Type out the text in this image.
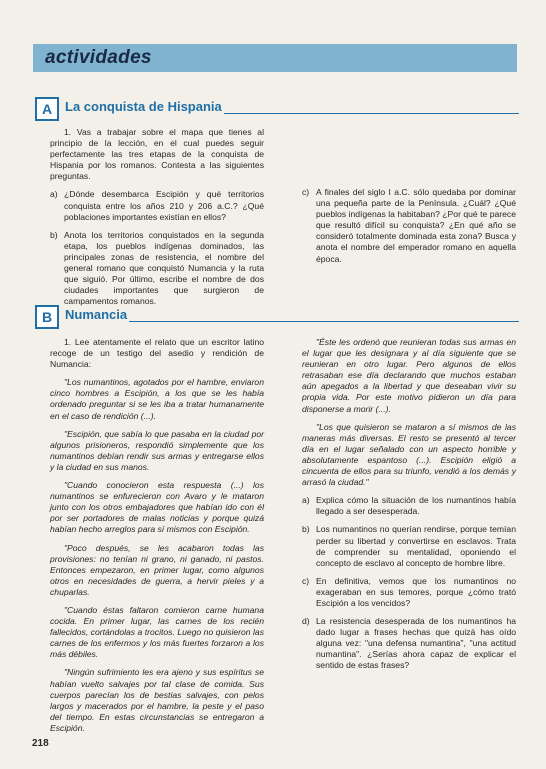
actividades
A La conquista de Hispania

1. Vas a trabajar sobre el mapa que tienes al principio de la lección, en el cual puedes seguir perfectamente las tres etapas de la conquista de Hispania por los romanos. Contesta a las siguientes preguntas.

a) ¿Dónde desembarca Escipión y qué territorios conquista entre los años 210 y 206 a.C.? ¿Qué poblaciones importantes existían en ellos?
b) Anota los territorios conquistados en la segunda etapa, los pueblos indígenas dominados, las principales zonas de resistencia, el nombre del general romano que conquistó Numancia y la ruta que siguió. Por último, escribe el nombre de dos ciudades importantes que surgieron de campamentos romanos.
c) A finales del siglo I a.C. sólo quedaba por dominar una pequeña parte de la Península. ¿Cuál? ¿Qué pueblos indígenas la habitaban? ¿Por qué te parece que resultó difícil su conquista? ¿En qué año se consideró totalmente dominada esta zona? Busca y anota el nombre del emperador romano en aquella época.
B Numancia

1. Lee atentamente el relato que un escritor latino recoge de un testigo del asedio y rendición de Numancia:

"Los numantinos, agotados por el hambre, enviaron cinco hombres a Escipión, a los que se les había ordenado preguntar si se les iba a tratar humanamente en el caso de rendición (...).

"Escipión, que sabía lo que pasaba en la ciudad por algunos prisioneros, respondió simplemente que los numantinos debían rendir sus armas y entregarse ellos y la ciudad en sus manos.

"Cuando conocieron esta respuesta (...) los numantinos se enfurecieron con Avaro y le mataron junto con los otros embajadores que habían ido con él por ser portadores de malas noticias y porque quizá habían hecho arreglos para sí mismos con Escipión.

"Poco después, se les acabaron todas las provisiones: no tenían ni grano, ni ganado, ni pastos. Entonces empezaron, en primer lugar, como algunos otros en necesidades de guerra, a hervir pieles y a chuparlas.

"Cuando éstas faltaron comieron carne humana cocida. En primer lugar, las carnes de los recién fallecidos, cortándolas a trocitos. Luego no quisieron las carnes de los enfermos y los más fuertes forzaron a los más débiles.

"Ningún sufrimiento les era ajeno y sus espíritus se habían vuelto salvajes por tal clase de comida. Sus cuerpos parecían los de bestias salvajes, con pelos largos y macerados por el hambre, la peste y el paso del tiempo. En estas circunstancias se entregaron a Escipión.

"Éste les ordenó que reunieran todas sus armas en el lugar que les designara y al día siguiente que se reunieran en otro lugar. Pero algunos de ellos retrasaban ese día declarando que muchos estaban aún apegados a la libertad y que deseaban vivir su propia vida. Por este motivo pidieron un día para disponerse a morir (...).

"Los que quisieron se mataron a sí mismos de las maneras más diversas. El resto se presentó al tercer día en el lugar señalado con un aspecto horrible y absolutamente espantoso (...). Escipión eligió a cincuenta de ellos para su triunfo, vendió a los demás y arrasó la ciudad."

a) Explica cómo la situación de los numantinos había llegado a ser desesperada.
b) Los numantinos no querían rendirse, porque temían perder su libertad y convertirse en esclavos. Trata de comprender su mentalidad, oponiendo el concepto de esclavo al concepto de hombre libre.
c) En definitiva, vemos que los numantinos no exageraban en sus temores, porque ¿cómo trató Escipión a los vencidos?
d) La resistencia desesperada de los numantinos ha dado lugar a frases hechas que quizá has oído alguna vez: "una defensa numantina", "una actitud numantina". ¿Serías ahora capaz de explicar el sentido de estas frases?
218
